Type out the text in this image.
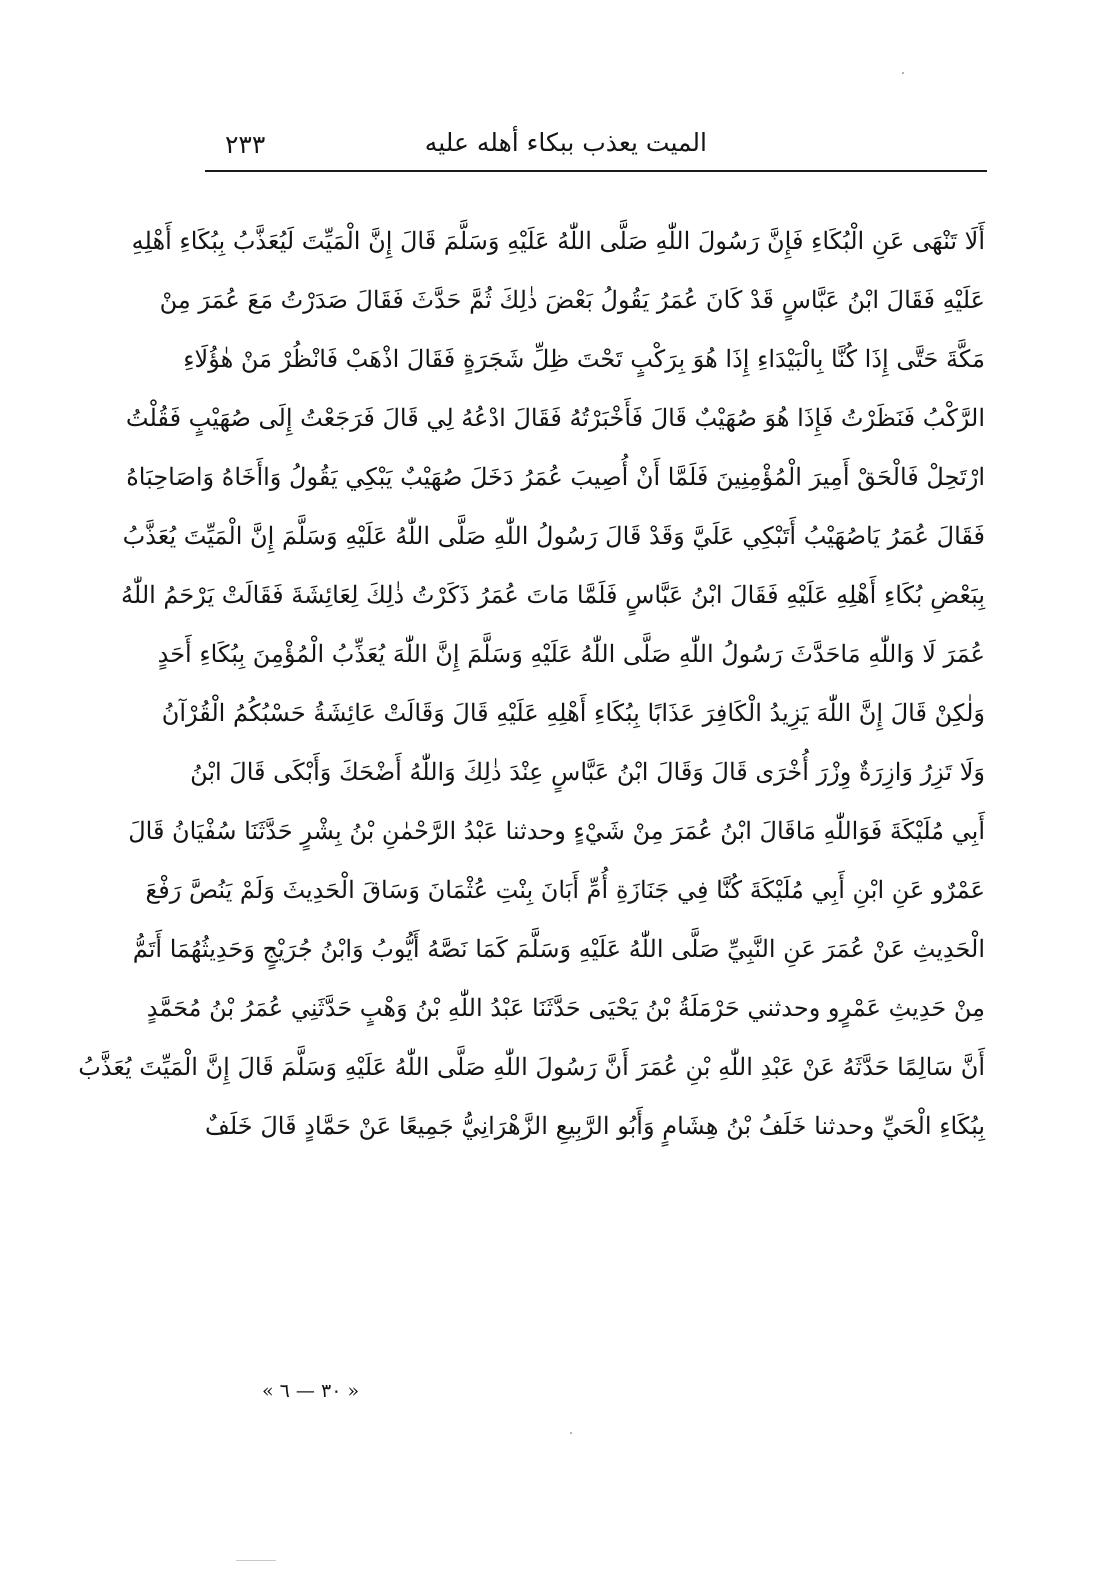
الميت يعذب ببكاء أهله عليه
٢٣٣
أَلَا تَنْهَى عَنِ الْبُكَاءِ فَإِنَّ رَسُولَ اللّٰهِ صَلَّى اللّٰهُ عَلَيْهِ وَسَلَّمَ قَالَ إِنَّ الْمَيِّتَ لَيُعَذَّبُ بِبُكَاءِ أَهْلِهِ
عَلَيْهِ فَقَالَ ابْنُ عَبَّاسٍ قَدْ كَانَ عُمَرُ يَقُولُ بَعْضَ ذٰلِكَ ثُمَّ حَدَّثَ فَقَالَ صَدَرْتُ مَعَ عُمَرَ مِنْ
مَكَّةَ حَتَّى إِذَا كُنَّا بِالْبَيْدَاءِ إِذَا هُوَ بِرَكْبٍ تَحْتَ ظِلِّ شَجَرَةٍ فَقَالَ اذْهَبْ فَانْظُرْ مَنْ هٰؤُلَاءِ
الرَّكْبُ فَنَظَرْتُ فَإِذَا هُوَ صُهَيْبٌ قَالَ فَأَخْبَرْتُهُ فَقَالَ ادْعُهُ لِي قَالَ فَرَجَعْتُ إِلَى صُهَيْبٍ فَقُلْتُ
ارْتَحِلْ فَالْحَقْ أَمِيرَ الْمُؤْمِنِينَ فَلَمَّا أَنْ أُصِيبَ عُمَرُ دَخَلَ صُهَيْبٌ يَبْكِي يَقُولُ وَاأَخَاهُ وَاصَاحِبَاهُ
فَقَالَ عُمَرُ يَاصُهَيْبُ أَتَبْكِي عَلَيَّ وَقَدْ قَالَ رَسُولُ اللّٰهِ صَلَّى اللّٰهُ عَلَيْهِ وَسَلَّمَ إِنَّ الْمَيِّتَ يُعَذَّبُ
بِبَعْضِ بُكَاءِ أَهْلِهِ عَلَيْهِ فَقَالَ ابْنُ عَبَّاسٍ فَلَمَّا مَاتَ عُمَرُ ذَكَرْتُ ذٰلِكَ لِعَائِشَةَ فَقَالَتْ يَرْحَمُ اللّٰهُ
عُمَرَ لَا وَاللّٰهِ مَاحَدَّثَ رَسُولُ اللّٰهِ صَلَّى اللّٰهُ عَلَيْهِ وَسَلَّمَ إِنَّ اللّٰهَ يُعَذِّبُ الْمُؤْمِنَ بِبُكَاءِ أَحَدٍ
وَلٰكِنْ قَالَ إِنَّ اللّٰهَ يَزِيدُ الْكَافِرَ عَذَابًا بِبُكَاءِ أَهْلِهِ عَلَيْهِ قَالَ وَقَالَتْ عَائِشَةُ حَسْبُكُمُ الْقُرْآنُ
وَلَا تَزِرُ وَازِرَةٌ وِزْرَ أُخْرَى قَالَ وَقَالَ ابْنُ عَبَّاسٍ عِنْدَ ذٰلِكَ وَاللّٰهُ أَضْحَكَ وَأَبْكَى قَالَ ابْنُ
أَبِي مُلَيْكَةَ فَوَاللّٰهِ مَاقَالَ ابْنُ عُمَرَ مِنْ شَيْءٍ وحدثنا عَبْدُ الرَّحْمٰنِ بْنُ بِشْرٍ حَدَّثَنَا سُفْيَانُ قَالَ
عَمْرٌو عَنِ ابْنِ أَبِي مُلَيْكَةَ كُنَّا فِي جَنَازَةِ أُمِّ أَبَانَ بِنْتِ عُثْمَانَ وَسَاقَ الْحَدِيثَ وَلَمْ يَنُصَّ رَفْعَ
الْحَدِيثِ عَنْ عُمَرَ عَنِ النَّبِيِّ صَلَّى اللّٰهُ عَلَيْهِ وَسَلَّمَ كَمَا نَصَّهُ أَيُّوبُ وَابْنُ جُرَيْجٍ وَحَدِيثُهُمَا أَتَمُّ
مِنْ حَدِيثِ عَمْرٍو وحدثني حَرْمَلَةُ بْنُ يَحْيَى حَدَّثَنَا عَبْدُ اللّٰهِ بْنُ وَهْبٍ حَدَّثَنِي عُمَرُ بْنُ مُحَمَّدٍ
أَنَّ سَالِمًا حَدَّثَهُ عَنْ عَبْدِ اللّٰهِ بْنِ عُمَرَ أَنَّ رَسُولَ اللّٰهِ صَلَّى اللّٰهُ عَلَيْهِ وَسَلَّمَ قَالَ إِنَّ الْمَيِّتَ يُعَذَّبُ
بِبُكَاءِ الْحَيِّ وحدثنا خَلَفُ بْنُ هِشَامٍ وَأَبُو الرَّبِيعِ الزَّهْرَانِيُّ جَمِيعًا عَنْ حَمَّادٍ قَالَ خَلَفٌ
« ٣٠ — ٦ »
